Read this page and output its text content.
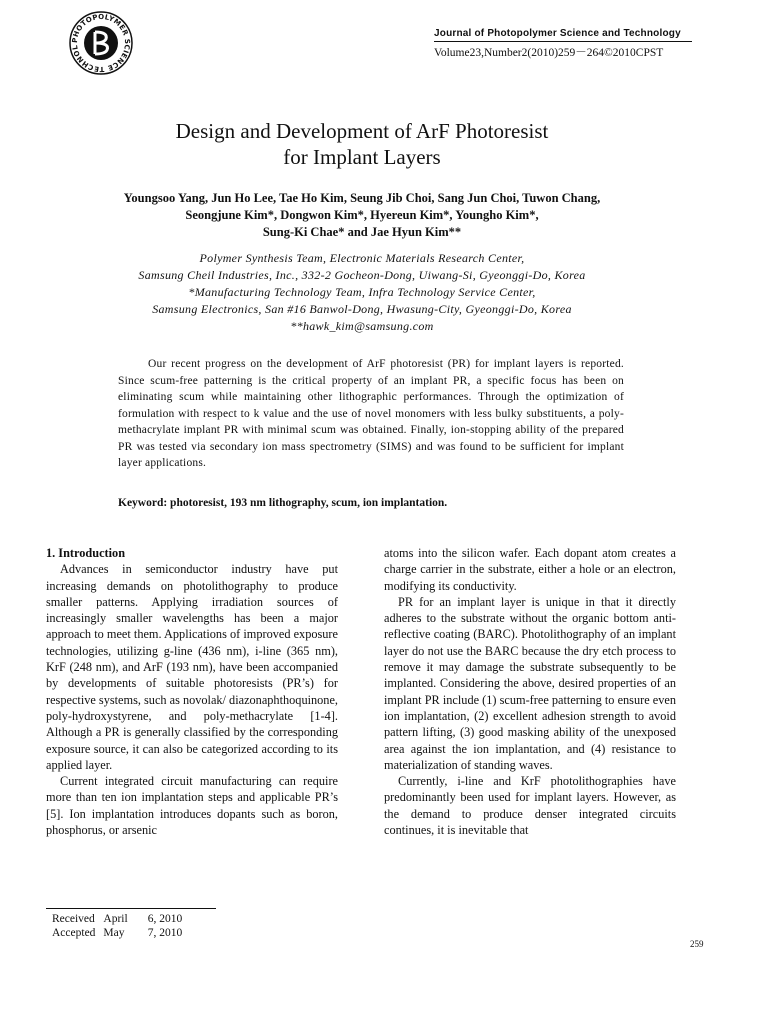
PHOTOPOLYMER SCIENCE TECHNOL
Journal of Photopolymer Science and Technology
Volume23,Number2(2010)259－264©2010CPST
Design and Development of ArF Photoresist
for Implant Layers
Youngsoo Yang, Jun Ho Lee, Tae Ho Kim, Seung Jib Choi, Sang Jun Choi, Tuwon Chang,
Seongjune Kim*, Dongwon Kim*, Hyereun Kim*, Youngho Kim*,
Sung-Ki Chae* and Jae Hyun Kim**
Polymer Synthesis Team, Electronic Materials Research Center,
Samsung Cheil Industries, Inc., 332-2 Gocheon-Dong, Uiwang-Si, Gyeonggi-Do, Korea
*Manufacturing Technology Team, Infra Technology Service Center,
Samsung Electronics, San #16 Banwol-Dong, Hwasung-City, Gyeonggi-Do, Korea
**hawk_kim@samsung.com

Our recent progress on the development of ArF photoresist (PR) for implant layers is reported. Since scum-free patterning is the critical property of an implant PR, a specific focus has been on eliminating scum while maintaining other lithographic performances. Through the optimization of formulation with respect to k value and the use of novel monomers with less bulky substituents, a poly-methacrylate implant PR with minimal scum was obtained. Finally, ion-stopping ability of the prepared PR was tested via secondary ion mass spectrometry (SIMS) and was found to be sufficient for implant layer applications.

Keyword: photoresist, 193 nm lithography, scum, ion implantation.
1. Introduction

Advances in semiconductor industry have put increasing demands on photolithography to produce smaller patterns. Applying irradiation sources of increasingly smaller wavelengths has been a major approach to meet them. Applications of improved exposure technologies, utilizing g-line (436 nm), i-line (365 nm), KrF (248 nm), and ArF (193 nm), have been accompanied by developments of suitable photoresists (PR’s) for respective systems, such as novolak/ diazonaphthoquinone, poly-hydroxystyrene, and poly-methacrylate [1-4]. Although a PR is generally classified by the corresponding exposure source, it can also be categorized according to its applied layer.

Current integrated circuit manufacturing can require more than ten ion implantation steps and applicable PR’s [5]. Ion implantation introduces dopants such as boron, phosphorus, or arsenic

atoms into the silicon wafer. Each dopant atom creates a charge carrier in the substrate, either a hole or an electron, modifying its conductivity.

PR for an implant layer is unique in that it directly adheres to the substrate without the organic bottom anti-reflective coating (BARC). Photolithography of an implant layer do not use the BARC because the dry etch process to remove it may damage the substrate subsequently to be implanted. Considering the above, desired properties of an implant PR include (1) scum-free patterning to ensure even ion implantation, (2) excellent adhesion strength to avoid pattern lifting, (3) good masking ability of the unexposed area against the ion implantation, and (4) resistance to materialization of standing waves.

Currently, i-line and KrF photolithographies have predominantly been used for implant layers. However, as the demand to produce denser integrated circuits continues, it is inevitable that

Received	April	6, 2010
Accepted	May	7, 2010
259
